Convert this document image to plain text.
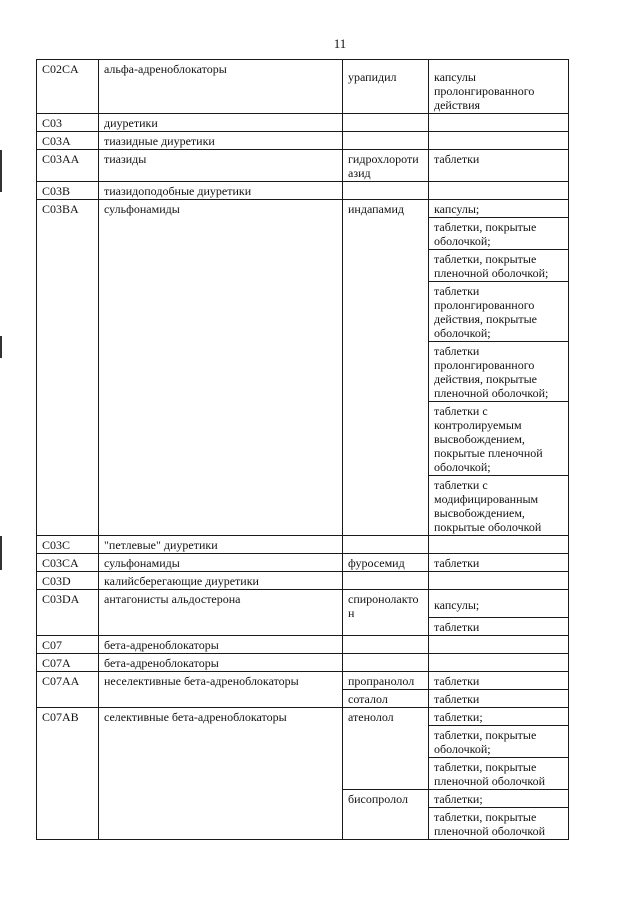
11
C02CA	альфа-адреноблокаторы	урапидил	капсулы пролонгированного действия
C03	диуретики		
C03A	тиазидные диуретики		
C03AA	тиазиды	гидрохлороти азид	таблетки
C03B	тиазидоподобные диуретики		
C03BA	сульфонамиды	индапамид	капсулы;
			таблетки, покрытые оболочкой;
			таблетки, покрытые пленочной оболочкой;
			таблетки пролонгированного действия, покрытые оболочкой;
			таблетки пролонгированного действия, покрытые пленочной оболочкой;
			таблетки с контролируемым высвобождением, покрытые пленочной оболочкой;
			таблетки с модифицированным высвобождением, покрытые оболочкой
C03C	"петлевые" диуретики		
C03CA	сульфонамиды	фуросемид	таблетки
C03D	калийсберегающие диуретики		
C03DA	антагонисты альдостерона	спиронолакто н	капсулы;
			таблетки
C07	бета-адреноблокаторы		
C07A	бета-адреноблокаторы		
C07AA	неселективные бета-адреноблокаторы	пропранолол	таблетки
		соталол	таблетки
C07AB	селективные бета-адреноблокаторы	атенолол	таблетки;
			таблетки, покрытые оболочкой;
			таблетки, покрытые пленочной оболочкой
		бисопролол	таблетки;
			таблетки, покрытые пленочной оболочкой
